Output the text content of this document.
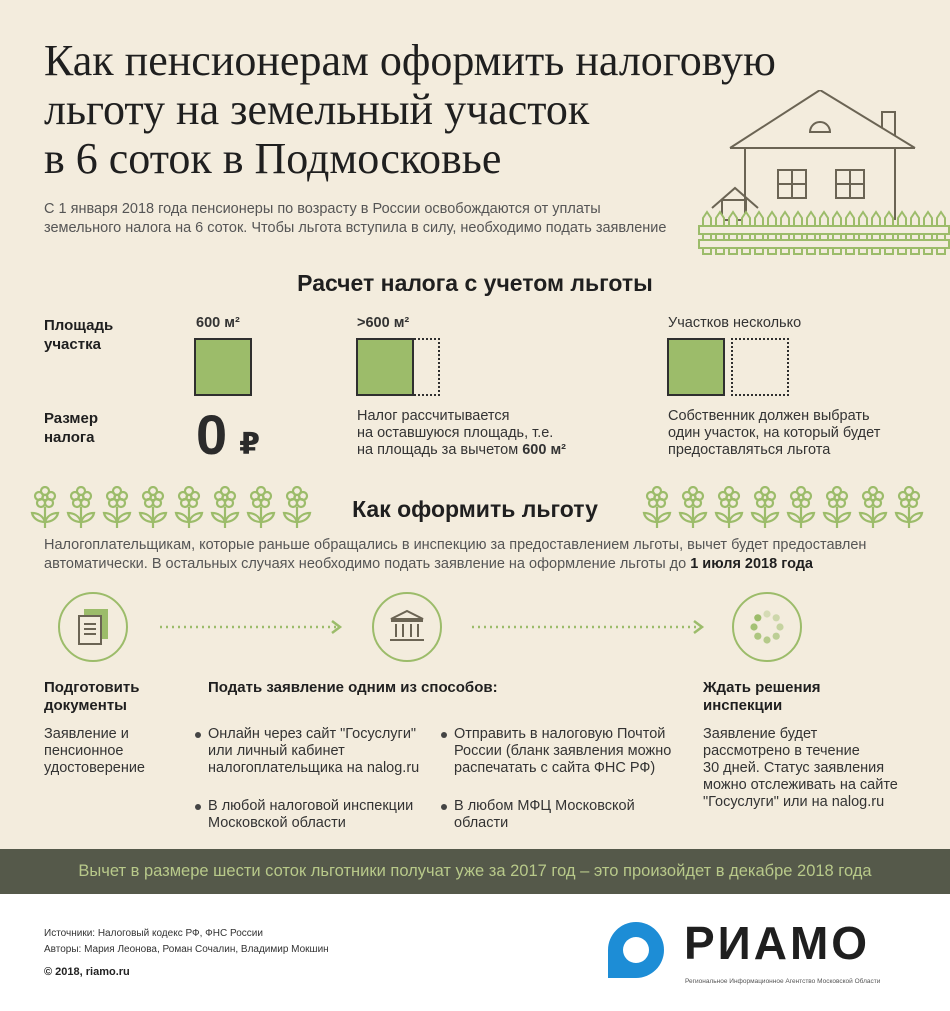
Как пенсионерам оформить налоговую
льготу на земельный участок
в 6 соток в Подмосковье
С 1 января 2018 года пенсионеры по возрасту в России освобождаются от уплаты
земельного налога на 6 соток. Чтобы льгота вступила в силу, необходимо подать заявление
Расчет налога с учетом льготы
Площадь
участка
Размер
налога
600 м²
0 ₽
>600 м²
Налог рассчитывается
на оставшуюся площадь, т.е.
на площадь за вычетом 600 м²
Участков несколько
Собственник должен выбрать
один участок, на который будет
предоставляться льгота
Как оформить льготу
Налогоплательщикам, которые раньше обращались в инспекцию за предоставлением льготы, вычет будет предоставлен
автоматически. В остальных случаях необходимо подать заявление на оформление льготы до 1 июля 2018 года
Подготовить
документы
Заявление и
пенсионное
удостоверение
Подать заявление одним из способов:
Онлайн через сайт "Госуслуги"
или личный кабинет
налогоплательщика на nalog.ru
В любой налоговой инспекции
Московской области
Отправить в налоговую Почтой
России (бланк заявления можно
распечатать с сайта ФНС РФ)
В любом МФЦ Московской
области
Ждать решения
инспекции
Заявление будет
рассмотрено в течение
30 дней. Статус заявления
можно отслеживать на сайте
"Госуслуги" или на nalog.ru
Вычет в размере шести соток льготники получат уже за 2017 год – это произойдет в декабре 2018 года
Источники: Налоговый кодекс РФ, ФНС России
Авторы: Мария Леонова, Роман Сочалин, Владимир Мокшин
© 2018, riamo.ru
РИАМО
Региональное Информационное Агентство Московской Области
